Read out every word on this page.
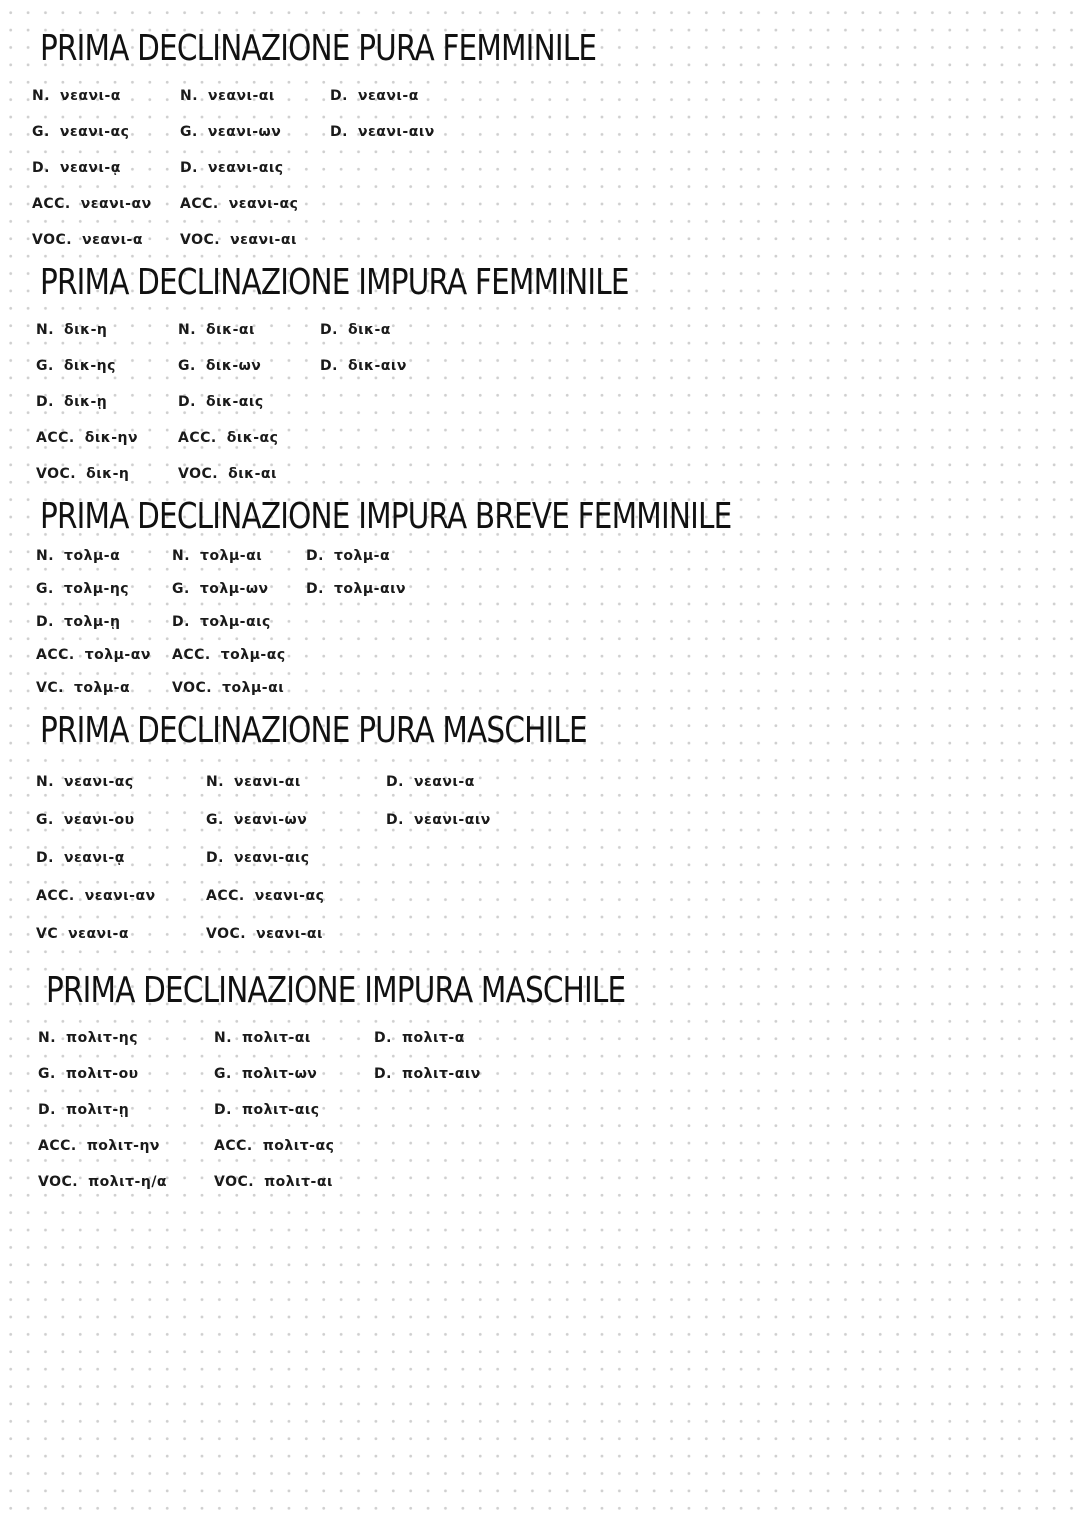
PRIMA DECLINAZIONE PURA FEMMINILE
N. νεανι-α
G. νεανι-ας
D. νεανι-ᾳ
ACC. νεανι-αν
VOC. νεανι-α
N. νεανι-αι
G. νεανι-ων
D. νεανι-αις
ACC. νεανι-ας
VOC. νεανι-αι
D. νεανι-α
D. νεανι-αιν
PRIMA DECLINAZIONE IMPURA FEMMINILE
N. δικ-η
G. δικ-ης
D. δικ-ῃ
ACC. δικ-ην
VOC. δικ-η
N. δικ-αι
G. δικ-ων
D. δικ-αις
ACC. δικ-ας
VOC. δικ-αι
D. δικ-α
D. δικ-αιν
PRIMA DECLINAZIONE IMPURA BREVE FEMMINILE
N. τολμ-α
G. τολμ-ης
D. τολμ-ῃ
ACC. τολμ-αν
VC. τολμ-α
N. τολμ-αι
G. τολμ-ων
D. τολμ-αις
ACC. τολμ-ας
VOC. τολμ-αι
D. τολμ-α
D. τολμ-αιν
PRIMA DECLINAZIONE PURA MASCHILE
N. νεανι-ας
G. νεανι-ου
D. νεανι-ᾳ
ACC. νεανι-αν
VC νεανι-α
N. νεανι-αι
G. νεανι-ων
D. νεανι-αις
ACC. νεανι-ας
VOC. νεανι-αι
D. νεανι-α
D. νεανι-αιν
PRIMA DECLINAZIONE IMPURA MASCHILE
N. πολιτ-ης
G. πολιτ-ου
D. πολιτ-ῃ
ACC. πολιτ-ην
VOC. πολιτ-η/α
N. πολιτ-αι
G. πολιτ-ων
D. πολιτ-αις
ACC. πολιτ-ας
VOC. πολιτ-αι
D. πολιτ-α
D. πολιτ-αιν
